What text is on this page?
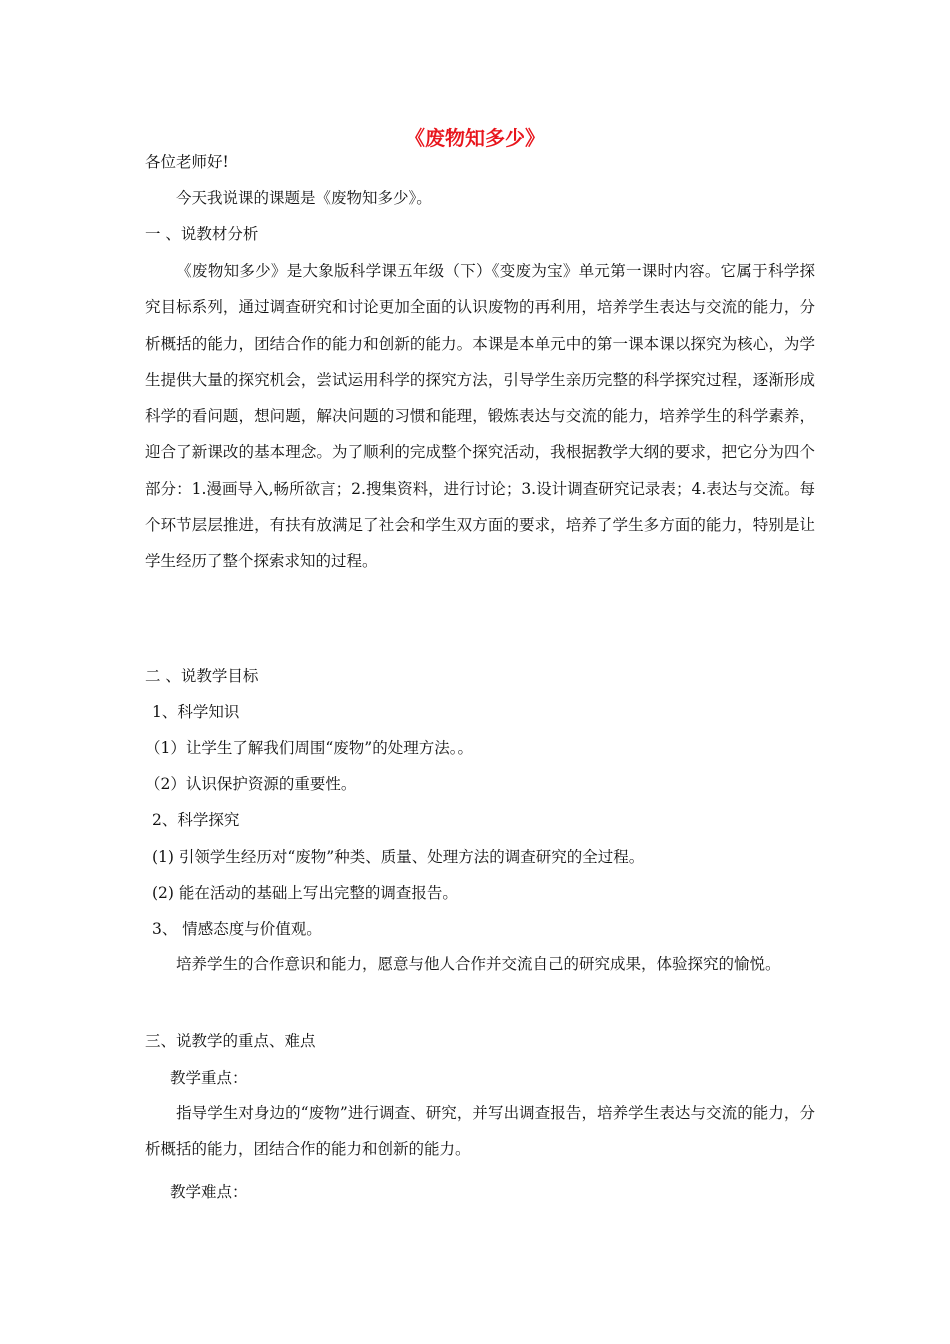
《废物知多少》
各位老师好!
今天我说课的课题是《废物知多少》。
一 、说教材分析
《废物知多少》是大象版科学课五年级（下）《变废为宝》单元第一课时内容。它属于科学探究目标系列，通过调查研究和讨论更加全面的认识废物的再利用，培养学生表达与交流的能力，分析概括的能力，团结合作的能力和创新的能力。本课是本单元中的第一课本课以探究为核心，为学生提供大量的探究机会，尝试运用科学的探究方法，引导学生亲历完整的科学探究过程，逐渐形成科学的看问题，想问题，解决问题的习惯和能理，锻炼表达与交流的能力，培养学生的科学素养，迎合了新课改的基本理念。为了顺利的完成整个探究活动，我根据教学大纲的要求，把它分为四个部分：1.漫画导入,畅所欲言；2.搜集资料，进行讨论；3.设计调查研究记录表；4.表达与交流。每个环节层层推进，有扶有放满足了社会和学生双方面的要求，培养了学生多方面的能力，特别是让学生经历了整个探索求知的过程。
二 、说教学目标
1、科学知识
（1）让学生了解我们周围“废物”的处理方法。。
（2）认识保护资源的重要性。
2、科学探究
(1) 引领学生经历对“废物”种类、质量、处理方法的调查研究的全过程。
(2) 能在活动的基础上写出完整的调查报告。
3、 情感态度与价值观。
培养学生的合作意识和能力，愿意与他人合作并交流自己的研究成果，体验探究的愉悦。
三、说教学的重点、难点
教学重点：
指导学生对身边的“废物”进行调查、研究，并写出调查报告，培养学生表达与交流的能力，分析概括的能力，团结合作的能力和创新的能力。
教学难点：
